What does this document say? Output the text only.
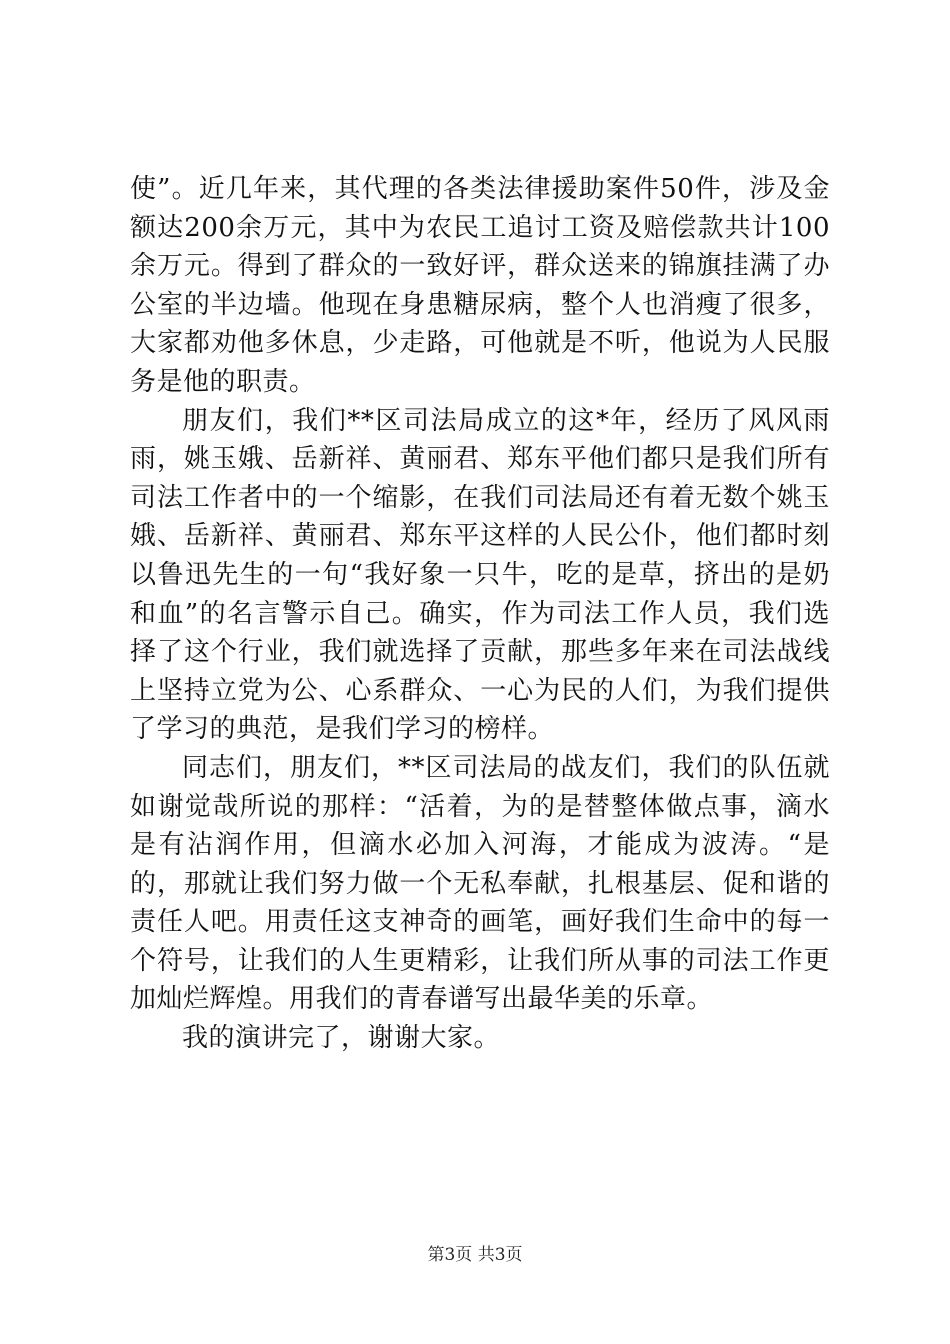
使”。近几年来，其代理的各类法律援助案件50件，涉及金额达200余万元，其中为农民工追讨工资及赔偿款共计100余万元。得到了群众的一致好评，群众送来的锦旗挂满了办公室的半边墙。他现在身患糖尿病，整个人也消瘦了很多，大家都劝他多休息，少走路，可他就是不听，他说为人民服务是他的职责。

朋友们，我们**区司法局成立的这*年，经历了风风雨雨，姚玉娥、岳新祥、黄丽君、郑东平他们都只是我们所有司法工作者中的一个缩影，在我们司法局还有着无数个姚玉娥、岳新祥、黄丽君、郑东平这样的人民公仆，他们都时刻以鲁迅先生的一句“我好象一只牛，吃的是草，挤出的是奶和血”的名言警示自己。确实，作为司法工作人员，我们选择了这个行业，我们就选择了贡献，那些多年来在司法战线上坚持立党为公、心系群众、一心为民的人们，为我们提供了学习的典范，是我们学习的榜样。

同志们，朋友们，**区司法局的战友们，我们的队伍就如谢觉哉所说的那样：“活着，为的是替整体做点事，滴水是有沾润作用，但滴水必加入河海，才能成为波涛。“是的，那就让我们努力做一个无私奉献，扎根基层、促和谐的责任人吧。用责任这支神奇的画笔，画好我们生命中的每一个符号，让我们的人生更精彩，让我们所从事的司法工作更加灿烂辉煌。用我们的青春谱写出最华美的乐章。

我的演讲完了，谢谢大家。

第3页 共3页
